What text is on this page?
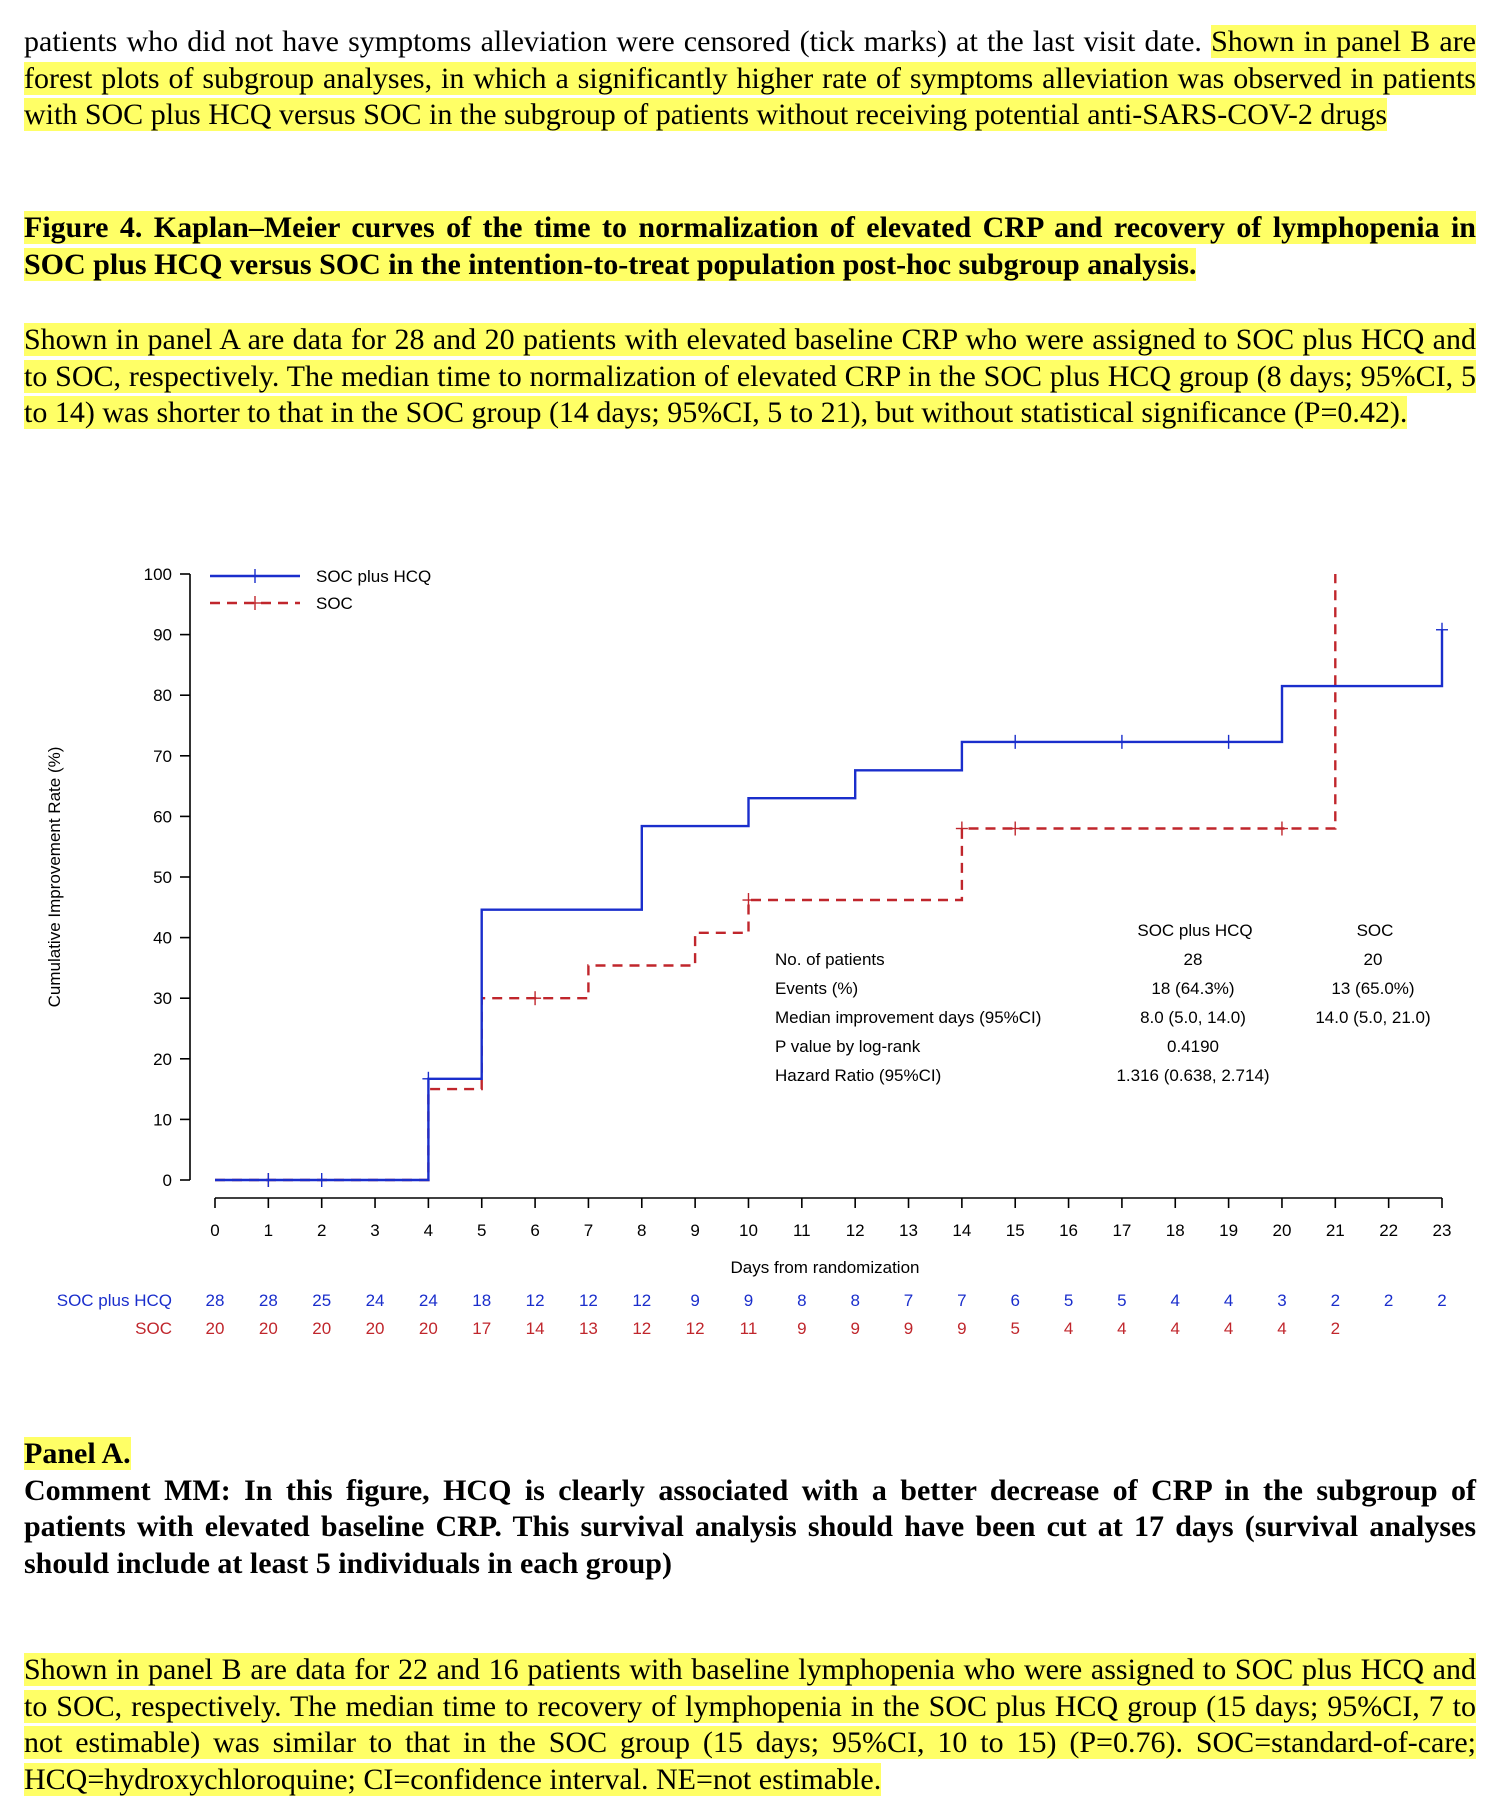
patients who did not have symptoms alleviation were censored (tick marks) at the last visit date. Shown in panel B are forest plots of subgroup analyses, in which a significantly higher rate of symptoms alleviation was observed in patients with SOC plus HCQ versus SOC in the subgroup of patients without receiving potential anti-SARS-COV-2 drugs
Figure 4. Kaplan–Meier curves of the time to normalization of elevated CRP and recovery of lymphopenia in SOC plus HCQ versus SOC in the intention-to-treat population post-hoc subgroup analysis.
Shown in panel A are data for 28 and 20 patients with elevated baseline CRP who were assigned to SOC plus HCQ and to SOC, respectively. The median time to normalization of elevated CRP in the SOC plus HCQ group (8 days; 95%CI, 5 to 14) was shorter to that in the SOC group (14 days; 95%CI, 5 to 21), but without statistical significance (P=0.42).
0
10
20
30
40
50
60
70
80
90
100
Cumulative Improvement Rate (%)
0	1	2	3	4	5	6	7	8	9 10 11 12 13 14 15 16 17 18 19 20 21 22 23
Days from randomization
SOC plus HCQ
SOC
SOC plus HCQ	SOC
No. of patients	28	20
Events (%)	18 (64.3%)	13 (65.0%)
Median improvement days (95%CI)	8.0 (5.0, 14.0)	14.0 (5.0, 21.0)
P value by log-rank	0.4190
Hazard Ratio (95%CI)	1.316 (0.638, 2.714)
SOC plus HCQ
SOC
28 28 25 24 24 18 12 12 12 9	9	8	8	7	7	6	5	5	4	4	3	2	2	2
20 20 20 20 20 17 14 13 12 12 11 9	9	9	9	5	4	4	4	4	4	2
Panel A.
Comment MM: In this figure, HCQ is clearly associated with a better decrease of CRP in the subgroup of patients with elevated baseline CRP. This survival analysis should have been cut at 17 days (survival analyses should include at least 5 individuals in each group)
Shown in panel B are data for 22 and 16 patients with baseline lymphopenia who were assigned to SOC plus HCQ and to SOC, respectively. The median time to recovery of lymphopenia in the SOC plus HCQ group (15 days; 95%CI, 7 to not estimable) was similar to that in the SOC group (15 days; 95%CI, 10 to 15) (P=0.76). SOC=standard-of-care; HCQ=hydroxychloroquine; CI=confidence interval. NE=not estimable.
